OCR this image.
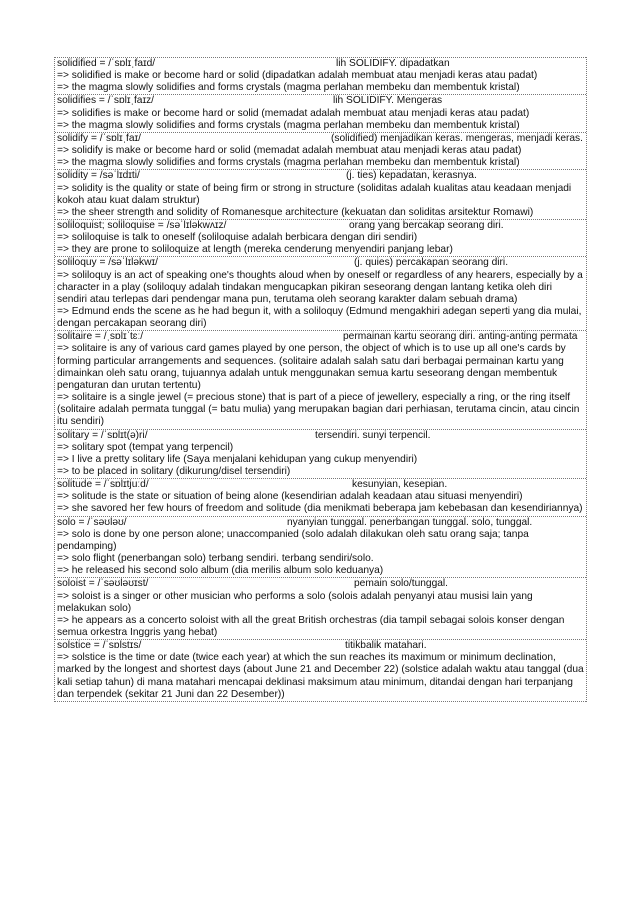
solidified = /ˈsɒlɪˌfaɪd/	lih SOLIDIFY. dipadatkan
=> solidified is make or become hard or solid (dipadatkan adalah membuat atau menjadi keras atau padat)
=> the magma slowly solidifies and forms crystals (magma perlahan membeku dan membentuk kristal)
solidifies = /ˈsɒlɪˌfaɪz/	lih SOLIDIFY. Mengeras
=> solidifies is make or become hard or solid (memadat adalah membuat atau menjadi keras atau padat)
=> the magma slowly solidifies and forms crystals (magma perlahan membeku dan membentuk kristal)
solidify = /ˈsɒlɪˌfaɪ/	(solidified) menjadikan keras. mengeras, menjadi keras.
=> solidify is make or become hard or solid (memadat adalah membuat atau menjadi keras atau padat)
=> the magma slowly solidifies and forms crystals (magma perlahan membeku dan membentuk kristal)
solidity = /səˈlɪdɪti/	(j. ties) kepadatan, kerasnya.
=> solidity is the quality or state of being firm or strong in structure (soliditas adalah kualitas atau keadaan menjadi kokoh atau kuat dalam struktur)
=> the sheer strength and solidity of Romanesque architecture (kekuatan dan soliditas arsitektur Romawi)
soliloquist; soliloquise = /səˈlɪləkwʌɪz/	orang yang bercakap seorang diri.
=> soliloquise is talk to oneself (soliloquise adalah berbicara dengan diri sendiri)
=> they are prone to soliloquize at length (mereka cenderung menyendiri panjang lebar)
soliloquy = /səˈlɪləkwɪ/	(j. quies) percakapan seorang diri.
=> soliloquy is an act of speaking one's thoughts aloud when by oneself or regardless of any hearers, especially by a character in a play (soliloquy adalah tindakan mengucapkan pikiran seseorang dengan lantang ketika oleh diri sendiri atau terlepas dari pendengar mana pun, terutama oleh seorang karakter dalam sebuah drama)
=> Edmund ends the scene as he had begun it, with a soliloquy (Edmund mengakhiri adegan seperti yang dia mulai, dengan percakapan seorang diri)
solitaire = /ˌsɒlɪˈtɛː/	permainan kartu seorang diri. anting-anting permata
=> solitaire is any of various card games played by one person, the object of which is to use up all one's cards by forming particular arrangements and sequences. (solitaire adalah salah satu dari berbagai permainan kartu yang dimainkan oleh satu orang, tujuannya adalah untuk menggunakan semua kartu seseorang dengan membentuk pengaturan dan urutan tertentu)
=> solitaire is a single jewel (= precious stone) that is part of a piece of jewellery, especially a ring, or the ring itself (solitaire adalah permata tunggal (= batu mulia) yang merupakan bagian dari perhiasan, terutama cincin, atau cincin itu sendiri)
solitary = /ˈsɒlɪt(ə)ri/	tersendiri. sunyi terpencil.
=> solitary spot (tempat yang terpencil)
=> I live a pretty solitary life (Saya menjalani kehidupan yang cukup menyendiri)
=> to be placed in solitary (dikurung/disel tersendiri)
solitude = /ˈsɒlɪtjuːd/	kesunyian, kesepian.
=> solitude is the state or situation of being alone (kesendirian adalah keadaan atau situasi menyendiri)
=> she savored her few hours of freedom and solitude (dia menikmati beberapa jam kebebasan dan kesendiriannya)
solo = /ˈsəʊləʊ/	nyanyian tunggal. penerbangan tunggal. solo, tunggal.
=> solo is done by one person alone; unaccompanied (solo adalah dilakukan oleh satu orang saja; tanpa pendamping)
=> solo flight (penerbangan solo) terbang sendiri. terbang sendiri/solo.
=> he released his second solo album (dia merilis album solo keduanya)
soloist = /ˈsəʊləʊɪst/	pemain solo/tunggal.
=> soloist is a singer or other musician who performs a solo (solois adalah penyanyi atau musisi lain yang melakukan solo)
=> he appears as a concerto soloist with all the great British orchestras (dia tampil sebagai solois konser dengan semua orkestra Inggris yang hebat)
solstice = /ˈsɒlstɪs/	titikbalik matahari.
=> solstice is the time or date (twice each year) at which the sun reaches its maximum or minimum declination, marked by the longest and shortest days (about June 21 and December 22) (solstice adalah waktu atau tanggal (dua kali setiap tahun) di mana matahari mencapai deklinasi maksimum atau minimum, ditandai dengan hari terpanjang dan terpendek (sekitar 21 Juni dan 22 Desember))
